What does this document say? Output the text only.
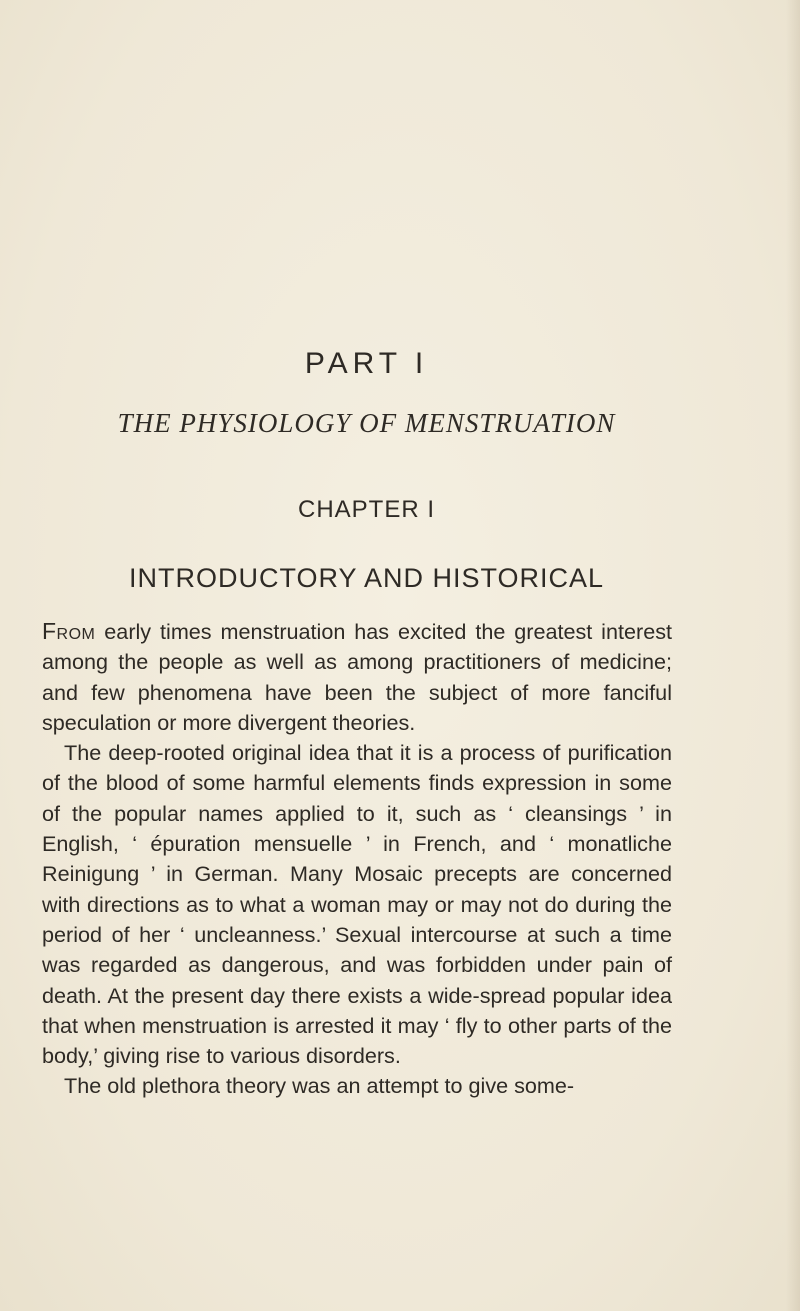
PART I
THE PHYSIOLOGY OF MENSTRUATION
CHAPTER I
INTRODUCTORY AND HISTORICAL

From early times menstruation has excited the greatest interest among the people as well as among practitioners of medicine; and few phenomena have been the subject of more fanciful speculation or more divergent theories.

The deep-rooted original idea that it is a process of purification of the blood of some harmful elements finds expression in some of the popular names applied to it, such as ‘ cleansings ’ in English, ‘ épuration mensuelle ’ in French, and ‘ monatliche Reinigung ’ in German. Many Mosaic precepts are concerned with directions as to what a woman may or may not do during the period of her ‘ uncleanness.’ Sexual intercourse at such a time was regarded as dangerous, and was forbidden under pain of death. At the present day there exists a wide-spread popular idea that when menstruation is arrested it may ‘ fly to other parts of the body,’ giving rise to various disorders.

The old plethora theory was an attempt to give some-
